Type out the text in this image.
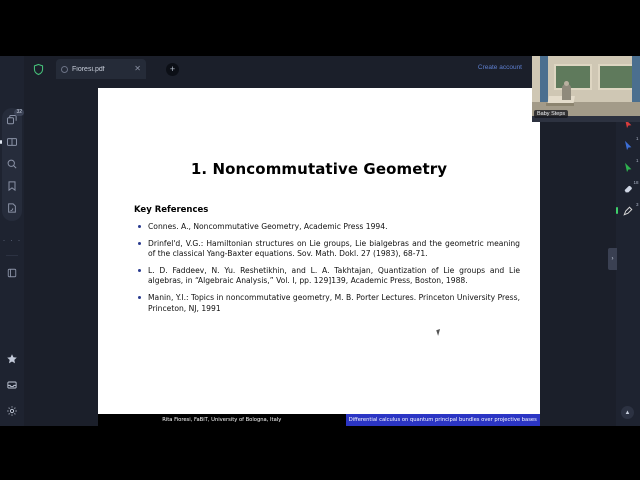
32
· · ·
Fioresi.pdf	✕	+	Create account
1. Noncommutative Geometry
Key References
Connes. A., Noncommutative Geometry, Academic Press 1994.
Drinfel'd, V.G.: Hamiltonian structures on Lie groups, Lie bialgebras and the geometric meaning of the classical Yang-Baxter equations. Sov. Math. Dokl. 27 (1983), 68-71.
L. D. Faddeev, N. Yu. Reshetikhin, and L. A. Takhtajan, Quantization of Lie groups and Lie algebras, in “Algebraic Analysis,” Vol. I, pp. 129]139, Academic Press, Boston, 1988.
Manin, Y.I.: Topics in noncommutative geometry, M. B. Porter Lectures. Princeton University Press, Princeton, NJ, 1991
Rita Fioresi, FaBiT, University of Bologna, Italy	Differential calculus on quantum principal bundles over projective bases
1
1
18
3
›
▲
Baby Steps
